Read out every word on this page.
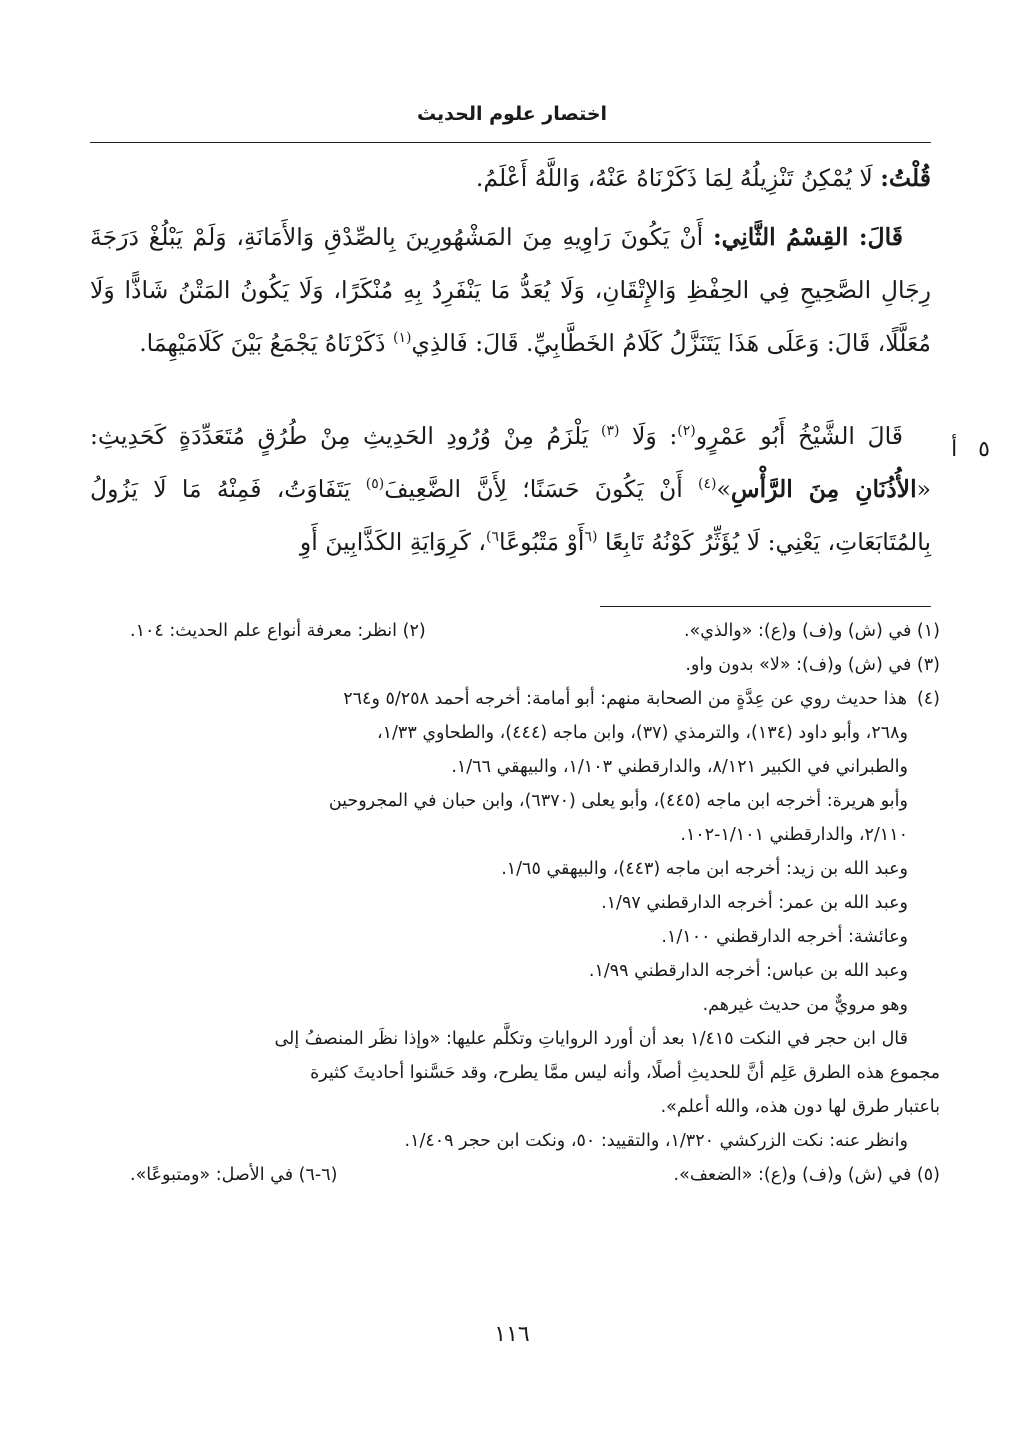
اختصار علوم الحديث

قُلْتُ: لَا يُمْكِنُ تَنْزِيلُهُ لِمَا ذَكَرْنَاهُ عَنْهُ، وَاللَّهُ أَعْلَمُ.

قَالَ: القِسْمُ الثَّانِي: أَنْ يَكُونَ رَاوِيهِ مِنَ المَشْهُورِينَ بِالصِّدْقِ وَالأَمَانَةِ، وَلَمْ يَبْلُغْ دَرَجَةَ رِجَالِ الصَّحِيحِ فِي الحِفْظِ وَالإِتْقَانِ، وَلَا يُعَدُّ مَا يَنْفَرِدُ بِهِ مُنْكَرًا، وَلَا يَكُونُ المَتْنُ شَاذًّا وَلَا مُعَلَّلًا، قَالَ: وَعَلَى هَذَا يَتَنَزَّلُ كَلَامُ الخَطَّابِيِّ. قَالَ: فَالذِي$^{(١)}$ ذَكَرْنَاهُ يَجْمَعُ بَيْنَ كَلَامَيْهِمَا.

قَالَ الشَّيْخُ أَبُو عَمْرٍو$^{(٢)}$: وَلَا $^{(٣)}$ يَلْزَمُ مِنْ وُرُودِ الحَدِيثِ مِنْ طُرُقٍ مُتَعَدِّدَةٍ كَحَدِيثِ: «الأُذُنَانِ مِنَ الرَّأْسِ»$^{(٤)}$ أَنْ يَكُونَ حَسَنًا؛ لِأَنَّ الضَّعِيفَ$^{(٥)}$ يَتَفَاوَتُ، فَمِنْهُ مَا لَا يَزُولُ بِالمُتَابَعَاتِ، يَعْنِي: لَا يُؤَثِّرُ كَوْنُهُ تَابِعًا $^{(٦}$أَوْ مَتْبُوعًا$^{٦)}$، كَرِوَايَةِ الكَذَّابِينَ أَوِ

٥ أ
(١) في (ش) و(ف) و(ع): «والذي».
(٢) انظر: معرفة أنواع علم الحديث: ١٠٤.
(٣) في (ش) و(ف): «لا» بدون واو.
(٤)هذا حديث روي عن عِدَّةٍ من الصحابة منهم: أبو أمامة: أخرجه أحمد ٥/٢٥٨ و٢٦٤
و٢٦٨، وأبو داود (١٣٤)، والترمذي (٣٧)، وابن ماجه (٤٤٤)، والطحاوي ١/٣٣،
والطبراني في الكبير ٨/١٢١، والدارقطني ١/١٠٣، والبيهقي ١/٦٦.
وأبو هريرة: أخرجه ابن ماجه (٤٤٥)، وأبو يعلى (٦٣٧٠)، وابن حبان في المجروحين
٢/١١٠، والدارقطني ١/١٠١-١٠٢.
وعبد الله بن زيد: أخرجه ابن ماجه (٤٤٣)، والبيهقي ١/٦٥.
وعبد الله بن عمر: أخرجه الدارقطني ١/٩٧.
وعائشة: أخرجه الدارقطني ١/١٠٠.
وعبد الله بن عباس: أخرجه الدارقطني ١/٩٩.
وهو مرويٌّ من حديث غيرهم.
قال ابن حجر في النكت ١/٤١٥ بعد أن أورد الرواياتِ وتكلَّم عليها: «وإذا نظَر المنصفُ إلى
مجموع هذه الطرق عَلِم أنَّ للحديثِ أصلًا، وأنه ليس ممَّا يطرح، وقد حَسَّنوا أحاديثَ كثيرة
باعتبار طرق لها دون هذه، والله أعلم».
وانظر عنه: نكت الزركشي ١/٣٢٠، والتقييد: ٥٠، ونكت ابن حجر ١/٤٠٩.
(٥) في (ش) و(ف) و(ع): «الضعف».
(٦-٦) في الأصل: «ومتبوعًا».
١١٦
